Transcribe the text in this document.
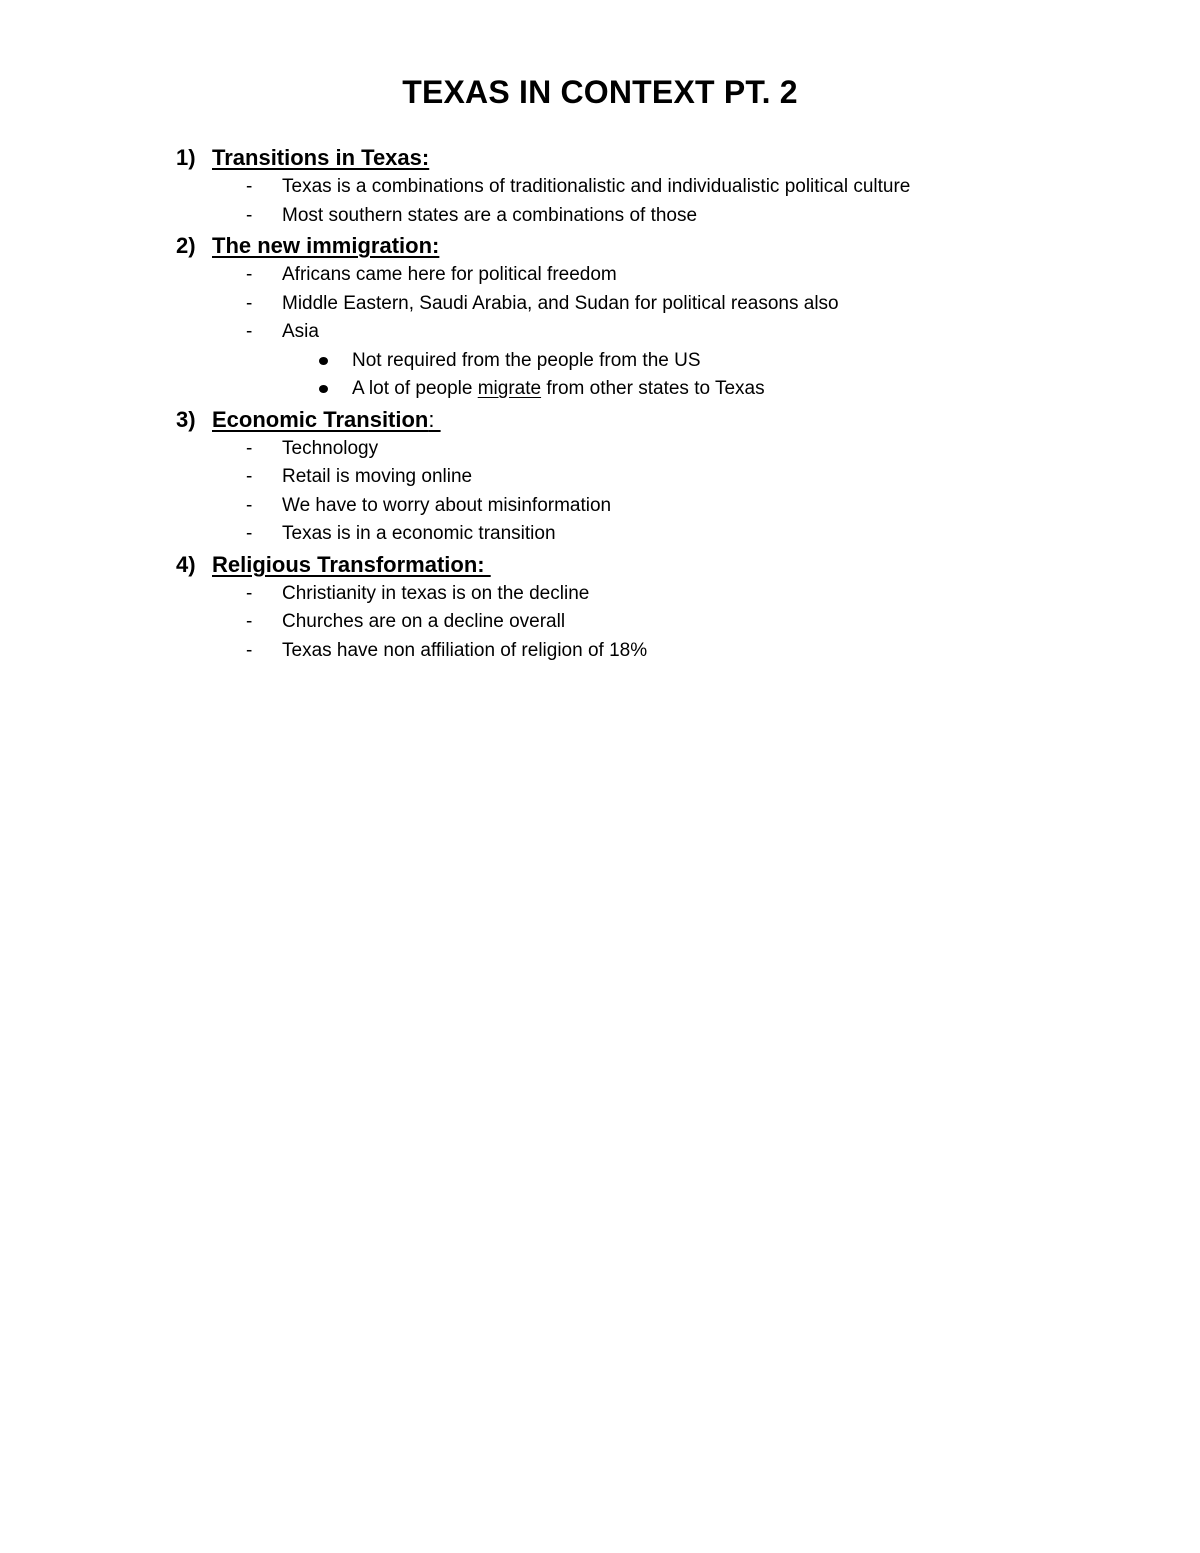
TEXAS IN CONTEXT PT. 2
1) Transitions in Texas:
- Texas is a combinations of traditionalistic and individualistic political culture
- Most southern states are a combinations of those
2) The new immigration:
- Africans came here for political freedom
- Middle Eastern, Saudi Arabia, and Sudan for political reasons also
- Asia
Not required from the people from the US
A lot of people migrate from other states to Texas
3) Economic Transition:
- Technology
- Retail is moving online
- We have to worry about misinformation
- Texas is in a economic transition
4) Religious Transformation:
- Christianity in texas is on the decline
- Churches are on a decline overall
- Texas have non affiliation of religion of 18%
